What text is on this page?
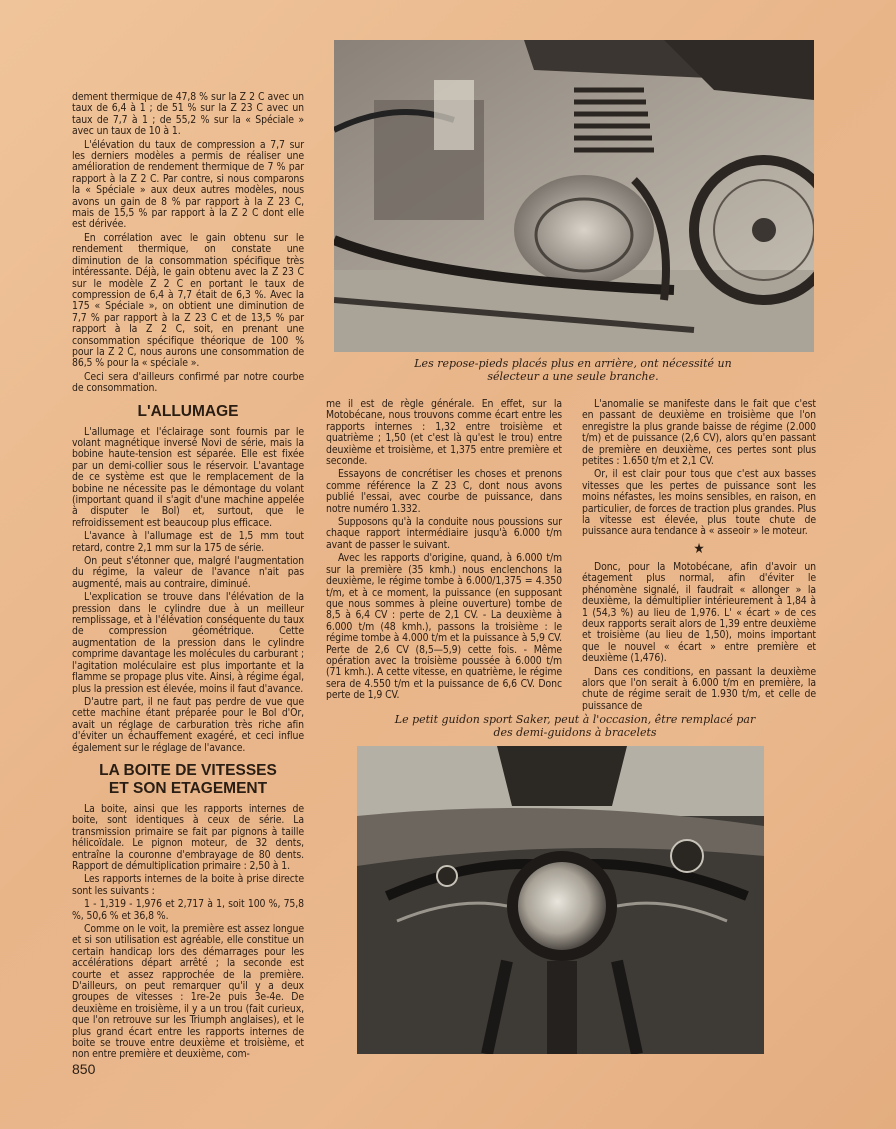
Les repose-pieds placés plus en arrière, ont nécessité un sélecteur a une seule branche.

dement thermique de 47,8 % sur la Z 2 C avec un taux de 6,4 à 1 ; de 51 % sur la Z 23 C avec un taux de 7,7 à 1 ; de 55,2 % sur la « Spéciale » avec un taux de 10 à 1.

L'élévation du taux de compression a 7,7 sur les derniers modèles a permis de réaliser une amélioration de rendement thermique de 7 % par rapport à la Z 2 C. Par contre, si nous comparons la « Spéciale » aux deux autres modèles, nous avons un gain de 8 % par rapport à la Z 23 C, mais de 15,5 % par rapport à la Z 2 C dont elle est dérivée.

En corrélation avec le gain obtenu sur le rendement thermique, on constate une diminution de la consommation spécifique très intéressante. Déjà, le gain obtenu avec la Z 23 C sur le modèle Z 2 C en portant le taux de compression de 6,4 à 7,7 était de 6,3 %. Avec la 175 « Spéciale », on obtient une diminution de 7,7 % par rapport à la Z 23 C et de 13,5 % par rapport à la Z 2 C, soit, en prenant une consommation spécifique théorique de 100 % pour la Z 2 C, nous aurons une consommation de 86,5 % pour la « spéciale ».

Ceci sera d'ailleurs confirmé par notre courbe de consommation.

L'ALLUMAGE

L'allumage et l'éclairage sont fournis par le volant magnétique inversé Novi de série, mais la bobine haute-tension est séparée. Elle est fixée par un demi-collier sous le réservoir. L'avantage de ce système est que le remplacement de la bobine ne nécessite pas le démontage du volant (important quand il s'agit d'une machine appelée à disputer le Bol) et, surtout, que le refroidissement est beaucoup plus efficace.

L'avance à l'allumage est de 1,5 mm tout retard, contre 2,1 mm sur la 175 de série.

On peut s'étonner que, malgré l'augmentation du régime, la valeur de l'avance n'ait pas augmenté, mais au contraire, diminué.

L'explication se trouve dans l'élévation de la pression dans le cylindre due à un meilleur remplissage, et à l'élévation conséquente du taux de compression géométrique. Cette augmentation de la pression dans le cylindre comprime davantage les molécules du carburant ; l'agitation moléculaire est plus importante et la flamme se propage plus vite. Ainsi, à régime égal, plus la pression est élevée, moins il faut d'avance.

D'autre part, il ne faut pas perdre de vue que cette machine étant préparée pour le Bol d'Or, avait un réglage de carburation très riche afin d'éviter un échauffement exagéré, et ceci influe également sur le réglage de l'avance.

LA BOITE DE VITESSES
ET SON ETAGEMENT

La boite, ainsi que les rapports internes de boite, sont identiques à ceux de série. La transmission primaire se fait par pignons à taille hélicoïdale. Le pignon moteur, de 32 dents, entraîne la couronne d'embrayage de 80 dents. Rapport de démultiplication primaire : 2,50 à 1.

Les rapports internes de la boite à prise directe sont les suivants :

1 - 1,319 - 1,976 et 2,717 à 1, soit 100 %, 75,8 %, 50,6 % et 36,8 %.

Comme on le voit, la première est assez longue et si son utilisation est agréable, elle constitue un certain handicap lors des démarrages pour les accélérations départ arrêté ; la seconde est courte et assez rapprochée de la première. D'ailleurs, on peut remarquer qu'il y a deux groupes de vitesses : 1re-2e puis 3e-4e. De deuxième en troisième, il y a un trou (fait curieux, que l'on retrouve sur les Triumph anglaises), et le plus grand écart entre les rapports internes de boite se trouve entre deuxième et troisième, et non entre première et deuxième, com-

me il est de règle générale. En effet, sur la Motobécane, nous trouvons comme écart entre les rapports internes : 1,32 entre troisième et quatrième ; 1,50 (et c'est là qu'est le trou) entre deuxième et troisième, et 1,375 entre première et seconde.

Essayons de concrétiser les choses et prenons comme référence la Z 23 C, dont nous avons publié l'essai, avec courbe de puissance, dans notre numéro 1.332.

Supposons qu'à la conduite nous poussions sur chaque rapport intermédiaire jusqu'à 6.000 t/m avant de passer le suivant.

Avec les rapports d'origine, quand, à 6.000 t/m sur la première (35 kmh.) nous enclenchons la deuxième, le régime tombe à 6.000/1,375 = 4.350 t/m, et à ce moment, la puissance (en supposant que nous sommes à pleine ouverture) tombe de 8,5 à 6,4 CV : perte de 2,1 CV. - La deuxième à 6.000 t/m (48 kmh.), passons la troisième : le régime tombe à 4.000 t/m et la puissance à 5,9 CV. Perte de 2,6 CV (8,5—5,9) cette fois. - Même opération avec la troisième poussée à 6.000 t/m (71 kmh.). A cette vitesse, en quatrième, le régime sera de 4.550 t/m et la puissance de 6,6 CV. Donc perte de 1,9 CV.

L'anomalie se manifeste dans le fait que c'est en passant de deuxième en troisième que l'on enregistre la plus grande baisse de régime (2.000 t/m) et de puissance (2,6 CV), alors qu'en passant de première en deuxième, ces pertes sont plus petites : 1.650 t/m et 2,1 CV.

Or, il est clair pour tous que c'est aux basses vitesses que les pertes de puissance sont les moins néfastes, les moins sensibles, en raison, en particulier, de forces de traction plus grandes. Plus la vitesse est élevée, plus toute chute de puissance aura tendance à « asseoir » le moteur.

★

Donc, pour la Motobécane, afin d'avoir un étagement plus normal, afin d'éviter le phénomène signalé, il faudrait « allonger » la deuxième, la démultiplier intérieurement à 1,84 à 1 (54,3 %) au lieu de 1,976. L' « écart » de ces deux rapports serait alors de 1,39 entre deuxième et troisième (au lieu de 1,50), moins important que le nouvel « écart » entre première et deuxième (1,476).

Dans ces conditions, en passant la deuxième alors que l'on serait à 6.000 t/m en première, la chute de régime serait de 1.930 t/m, et celle de puissance de

Le petit guidon sport Saker, peut à l'occasion, être remplacé par des demi-guidons à bracelets
850
